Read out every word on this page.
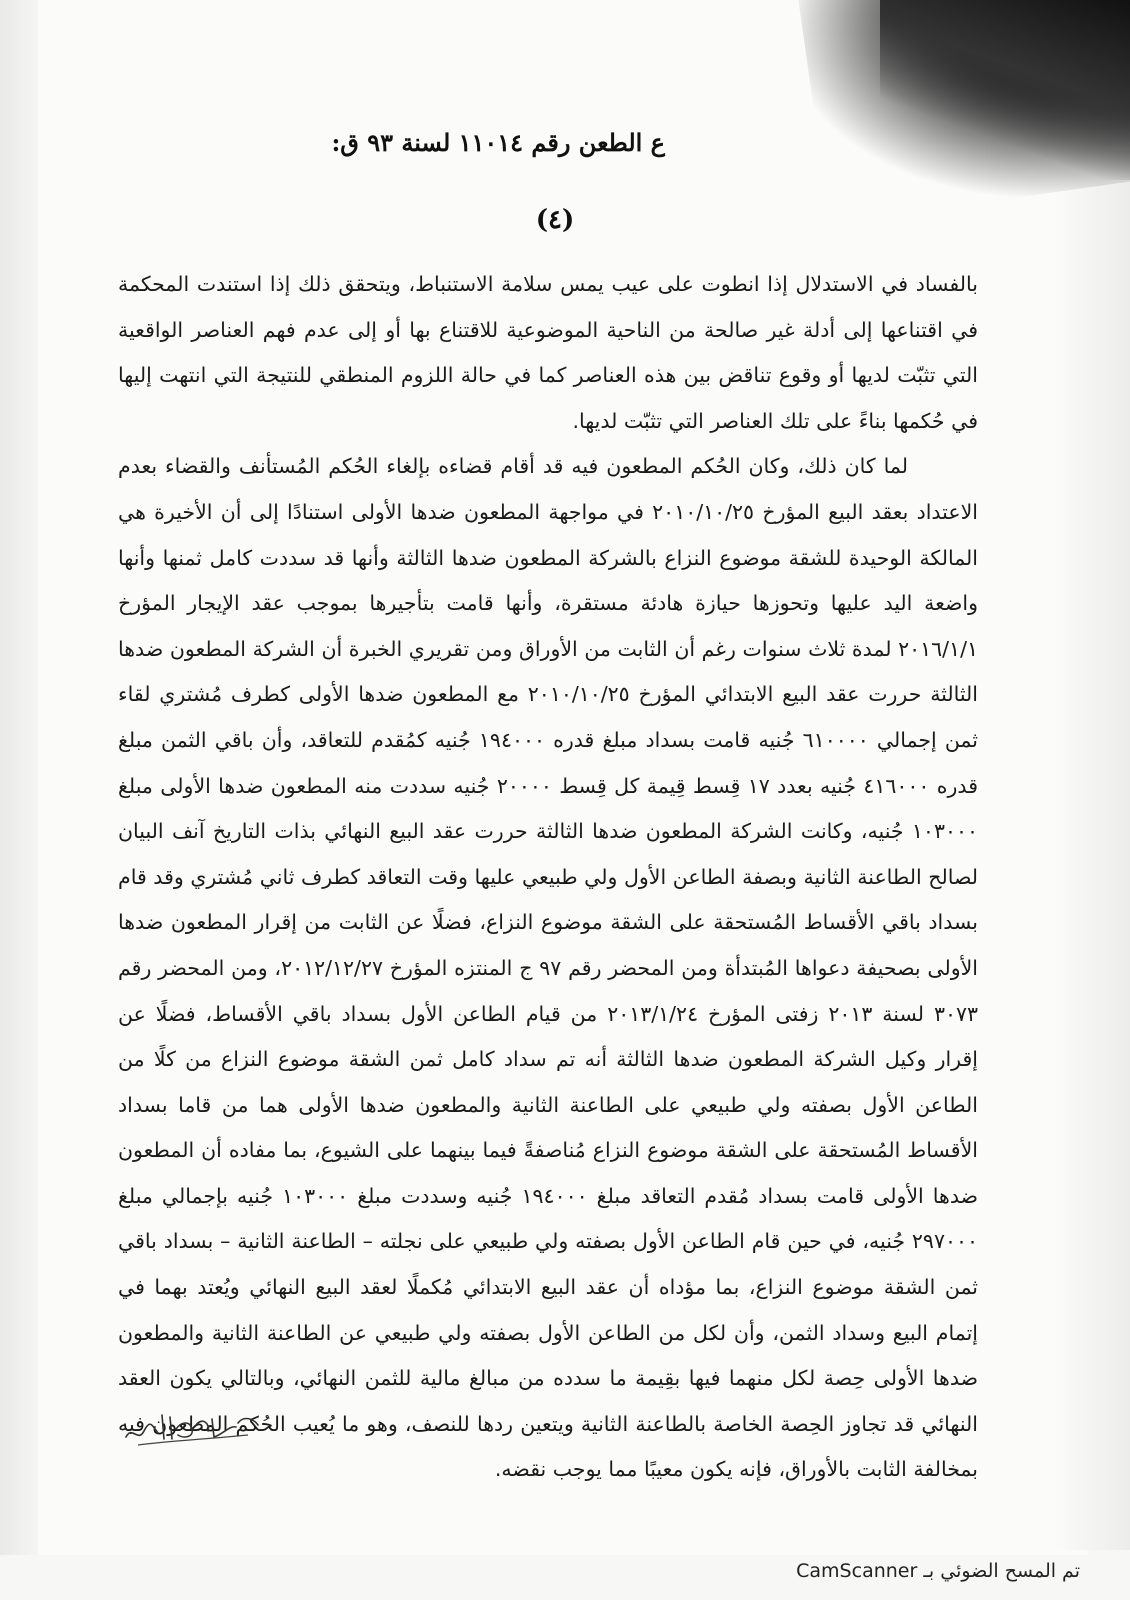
ع الطعن رقم ١١٠١٤ لسنة ٩٣ ق:
(٤)

بالفساد في الاستدلال إذا انطوت على عيب يمس سلامة الاستنباط، ويتحقق ذلك إذا استندت المحكمة في اقتناعها إلى أدلة غير صالحة من الناحية الموضوعية للاقتناع بها أو إلى عدم فهم العناصر الواقعية التي تثبّت لديها أو وقوع تناقض بين هذه العناصر كما في حالة اللزوم المنطقي للنتيجة التي انتهت إليها في حُكمها بناءً على تلك العناصر التي تثبّت لديها.

لما كان ذلك، وكان الحُكم المطعون فيه قد أقام قضاءه بإلغاء الحُكم المُستأنف والقضاء بعدم الاعتداد بعقد البيع المؤرخ ٢٠١٠/١٠/٢٥ في مواجهة المطعون ضدها الأولى استنادًا إلى أن الأخيرة هي المالكة الوحيدة للشقة موضوع النزاع بالشركة المطعون ضدها الثالثة وأنها قد سددت كامل ثمنها وأنها واضعة اليد عليها وتحوزها حيازة هادئة مستقرة، وأنها قامت بتأجيرها بموجب عقد الإيجار المؤرخ ٢٠١٦/١/١ لمدة ثلاث سنوات رغم أن الثابت من الأوراق ومن تقريري الخبرة أن الشركة المطعون ضدها الثالثة حررت عقد البيع الابتدائي المؤرخ ٢٠١٠/١٠/٢٥ مع المطعون ضدها الأولى كطرف مُشتري لقاء ثمن إجمالي ٦١٠٠٠٠ جُنيه قامت بسداد مبلغ قدره ١٩٤٠٠٠ جُنيه كمُقدم للتعاقد، وأن باقي الثمن مبلغ قدره ٤١٦٠٠٠ جُنيه بعدد ١٧ قِسط قِيمة كل قِسط ٢٠٠٠٠ جُنيه سددت منه المطعون ضدها الأولى مبلغ ١٠٣٠٠٠ جُنيه، وكانت الشركة المطعون ضدها الثالثة حررت عقد البيع النهائي بذات التاريخ آنف البيان لصالح الطاعنة الثانية وبصفة الطاعن الأول ولي طبيعي عليها وقت التعاقد كطرف ثاني مُشتري وقد قام بسداد باقي الأقساط المُستحقة على الشقة موضوع النزاع، فضلًا عن الثابت من إقرار المطعون ضدها الأولى بصحيفة دعواها المُبتدأة ومن المحضر رقم ٩٧ ج المنتزه المؤرخ ٢٠١٢/١٢/٢٧، ومن المحضر رقم ٣٠٧٣ لسنة ٢٠١٣ زفتى المؤرخ ٢٠١٣/١/٢٤ من قيام الطاعن الأول بسداد باقي الأقساط، فضلًا عن إقرار وكيل الشركة المطعون ضدها الثالثة أنه تم سداد كامل ثمن الشقة موضوع النزاع من كلًا من الطاعن الأول بصفته ولي طبيعي على الطاعنة الثانية والمطعون ضدها الأولى هما من قاما بسداد الأقساط المُستحقة على الشقة موضوع النزاع مُناصفةً فيما بينهما على الشيوع، بما مفاده أن المطعون ضدها الأولى قامت بسداد مُقدم التعاقد مبلغ ١٩٤٠٠٠ جُنيه وسددت مبلغ ١٠٣٠٠٠ جُنيه بإجمالي مبلغ ٢٩٧٠٠٠ جُنيه، في حين قام الطاعن الأول بصفته ولي طبيعي على نجلته – الطاعنة الثانية – بسداد باقي ثمن الشقة موضوع النزاع، بما مؤداه أن عقد البيع الابتدائي مُكملًا لعقد البيع النهائي ويُعتد بهما في إتمام البيع وسداد الثمن، وأن لكل من الطاعن الأول بصفته ولي طبيعي عن الطاعنة الثانية والمطعون ضدها الأولى حِصة لكل منهما فيها بقِيمة ما سدده من مبالغ مالية للثمن النهائي، وبالتالي يكون العقد النهائي قد تجاوز الحِصة الخاصة بالطاعنة الثانية ويتعين ردها للنصف، وهو ما يُعيب الحُكم المطعون فيه بمخالفة الثابت بالأوراق، فإنه يكون معيبًا مما يوجب نقضه.

تم المسح الضوئي بـ CamScanner
